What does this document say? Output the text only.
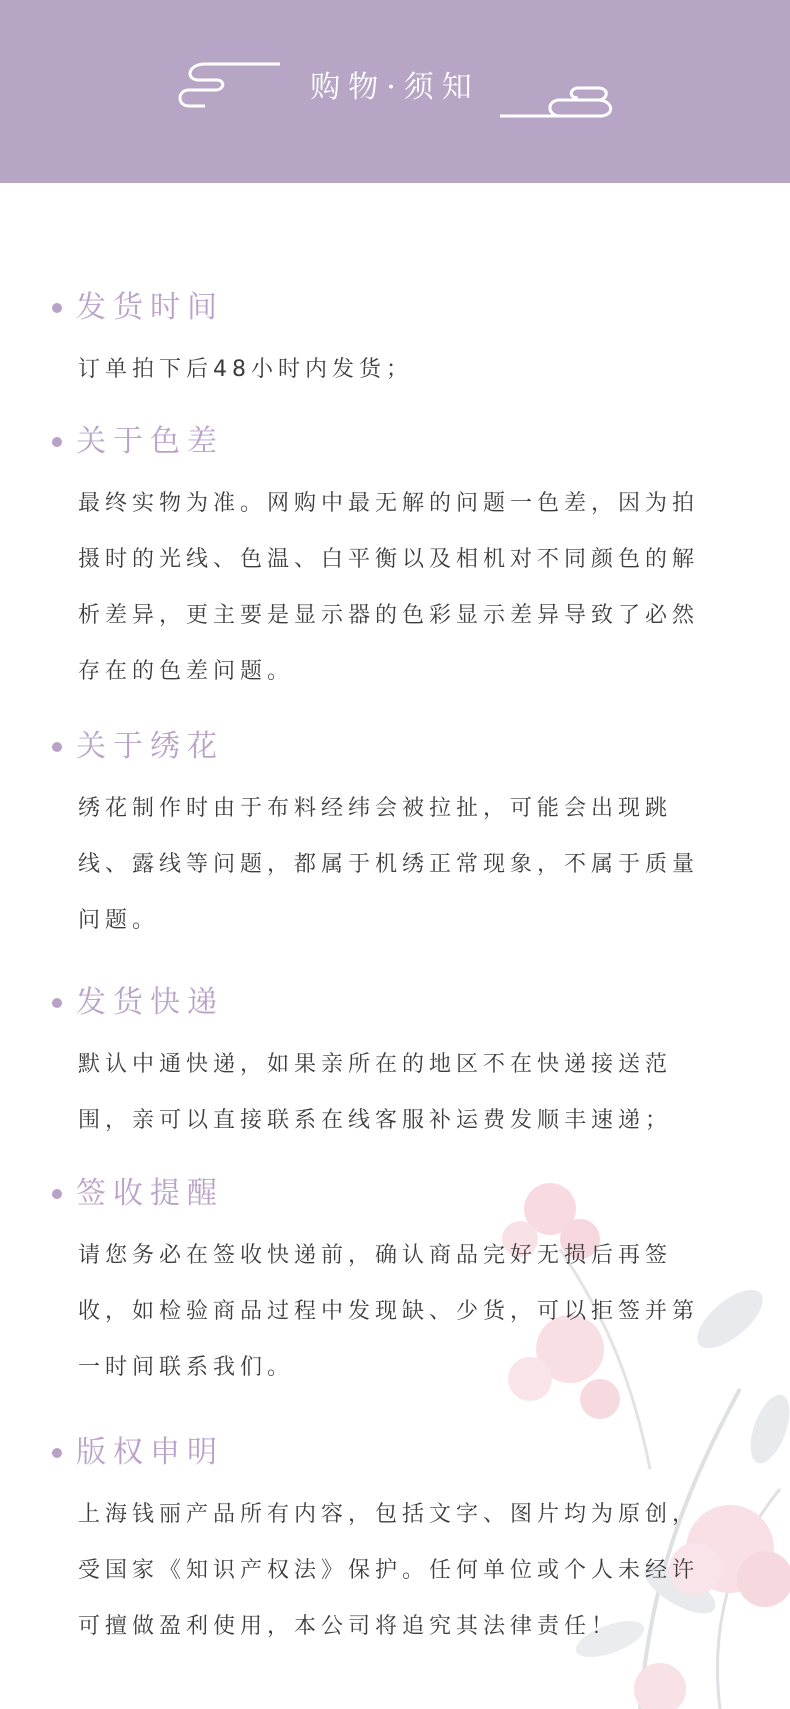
购物·须知
发货时间
订单拍下后48小时内发货；
关于色差
最终实物为准。网购中最无解的问题一色差，因为拍摄时的光线、色温、白平衡以及相机对不同颜色的解析差异，更主要是显示器的色彩显示差异导致了必然存在的色差问题。
关于绣花
绣花制作时由于布料经纬会被拉扯，可能会出现跳线、露线等问题，都属于机绣正常现象，不属于质量问题。
发货快递
默认中通快递，如果亲所在的地区不在快递接送范围，亲可以直接联系在线客服补运费发顺丰速递；
签收提醒
请您务必在签收快递前，确认商品完好无损后再签收，如检验商品过程中发现缺、少货，可以拒签并第一时间联系我们。
版权申明
上海钱丽产品所有内容，包括文字、图片均为原创，受国家《知识产权法》保护。任何单位或个人未经许可擅做盈利使用，本公司将追究其法律责任！
